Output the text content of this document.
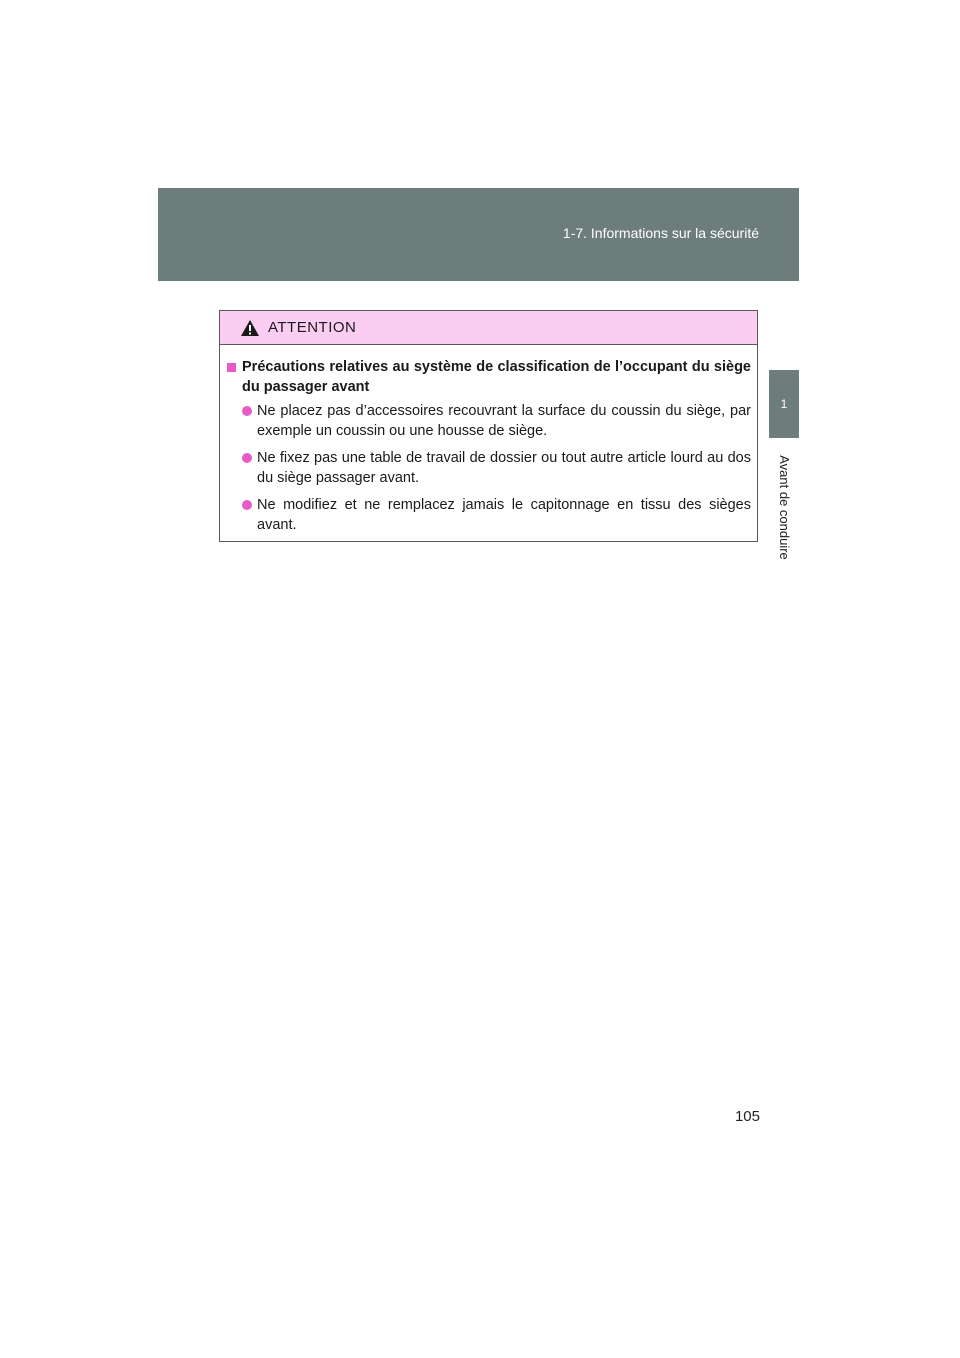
1-7. Informations sur la sécurité
1
Avant de conduire
ATTENTION
Précautions relatives au système de classification de l’occupant du siège du passager avant
Ne placez pas d’accessoires recouvrant la surface du coussin du siège, par exemple un coussin ou une housse de siège.
Ne fixez pas une table de travail de dossier ou tout autre article lourd au dos du siège passager avant.
Ne modifiez et ne remplacez jamais le capitonnage en tissu des sièges avant.
105
